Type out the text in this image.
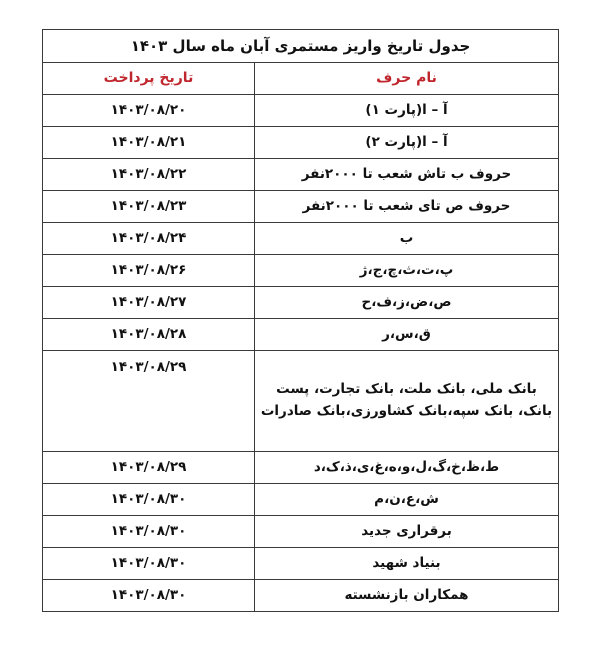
جدول تاریخ واریز مستمری آبان ماه سال ۱۴۰۳	
نام حرف	تاریخ پرداخت
آ – ا(پارت ۱)	۱۴۰۳/۰۸/۲۰
آ – ا(پارت ۲)	۱۴۰۳/۰۸/۲۱
حروف ب تاش شعب تا ۲۰۰۰نفر	۱۴۰۳/۰۸/۲۲
حروف ص تای شعب تا ۲۰۰۰نفر	۱۴۰۳/۰۸/۲۳
ب	۱۴۰۳/۰۸/۲۴
پ،ت،ث،چ،ج،ژ	۱۴۰۳/۰۸/۲۶
ص،ض،ز،ف،ح	۱۴۰۳/۰۸/۲۷
ق،س،ر	۱۴۰۳/۰۸/۲۸
بانک ملی، بانک ملت، بانک تجارت، پست بانک، بانک سپه،بانک کشاورزی،بانک صادرات	۱۴۰۳/۰۸/۲۹
ط،ظ،خ،گ،ل،و،ه،غ،ی،ذ،ک،د	۱۴۰۳/۰۸/۲۹
ش،ع،ن،م	۱۴۰۳/۰۸/۳۰
برقراری جدید	۱۴۰۳/۰۸/۳۰
بنیاد شهید	۱۴۰۳/۰۸/۳۰
همکاران بازنشسته	۱۴۰۳/۰۸/۳۰
